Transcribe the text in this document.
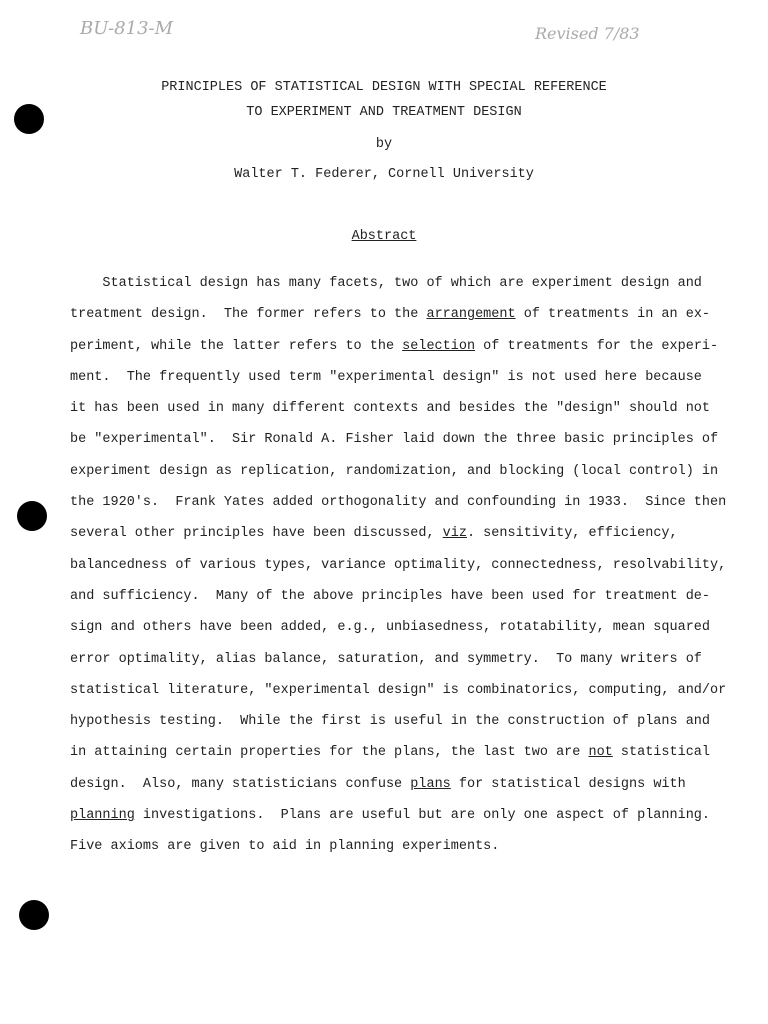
BU-813-M	Revised 7/83
PRINCIPLES OF STATISTICAL DESIGN WITH SPECIAL REFERENCE
TO EXPERIMENT AND TREATMENT DESIGN
by
Walter T. Federer, Cornell University
Abstract
Statistical design has many facets, two of which are experiment design and
treatment design.  The former refers to the arrangement of treatments in an ex-
periment, while the latter refers to the selection of treatments for the experi-
ment.  The frequently used term "experimental design" is not used here because
it has been used in many different contexts and besides the "design" should not
be "experimental".  Sir Ronald A. Fisher laid down the three basic principles of
experiment design as replication, randomization, and blocking (local control) in
the 1920's.  Frank Yates added orthogonality and confounding in 1933.  Since then
several other principles have been discussed, viz. sensitivity, efficiency,
balancedness of various types, variance optimality, connectedness, resolvability,
and sufficiency.  Many of the above principles have been used for treatment de-
sign and others have been added, e.g., unbiasedness, rotatability, mean squared
error optimality, alias balance, saturation, and symmetry.  To many writers of
statistical literature, "experimental design" is combinatorics, computing, and/or
hypothesis testing.  While the first is useful in the construction of plans and
in attaining certain properties for the plans, the last two are not statistical
design.  Also, many statisticians confuse plans for statistical designs with
planning investigations.  Plans are useful but are only one aspect of planning.
Five axioms are given to aid in planning experiments.
